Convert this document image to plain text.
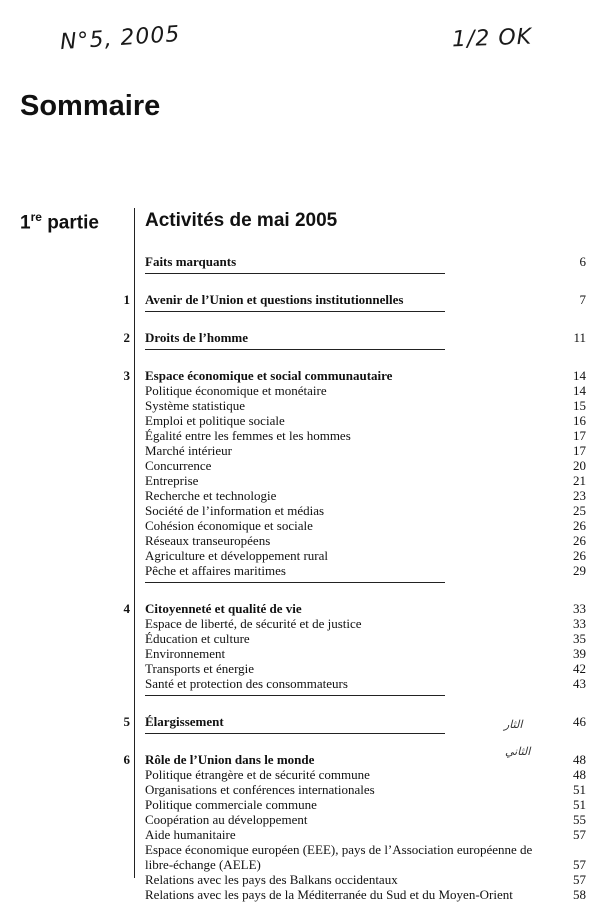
N°5, 2005	1/2 OK
Sommaire
1re partie Activités de mai 2005
Faits marquants	6
1 Avenir de l’Union et questions institutionnelles	7
2 Droits de l’homme	11
3 Espace économique et social communautaire	14
Politique économique et monétaire	14
Système statistique	15
Emploi et politique sociale	16
Égalité entre les femmes et les hommes	17
Marché intérieur	17
Concurrence	20
Entreprise	21
Recherche et technologie	23
Société de l’information et médias	25
Cohésion économique et sociale	26
Réseaux transeuropéens	26
Agriculture et développement rural	26
Pêche et affaires maritimes	29
4 Citoyenneté et qualité de vie	33
Espace de liberté, de sécurité et de justice	33
Éducation et culture	35
Environnement	39
Transports et énergie	42
Santé et protection des consommateurs	43
5 Élargissement	46
6 Rôle de l’Union dans le monde	48
Politique étrangère et de sécurité commune	48
Organisations et conférences internationales	51
Politique commerciale commune	51
Coopération au développement	55
Aide humanitaire	57
Espace économique européen (EEE), pays de l’Association européenne de libre-échange (AELE)	57
Relations avec les pays des Balkans occidentaux	57
Relations avec les pays de la Méditerranée du Sud et du Moyen-Orient	58
الثار
الثاني
